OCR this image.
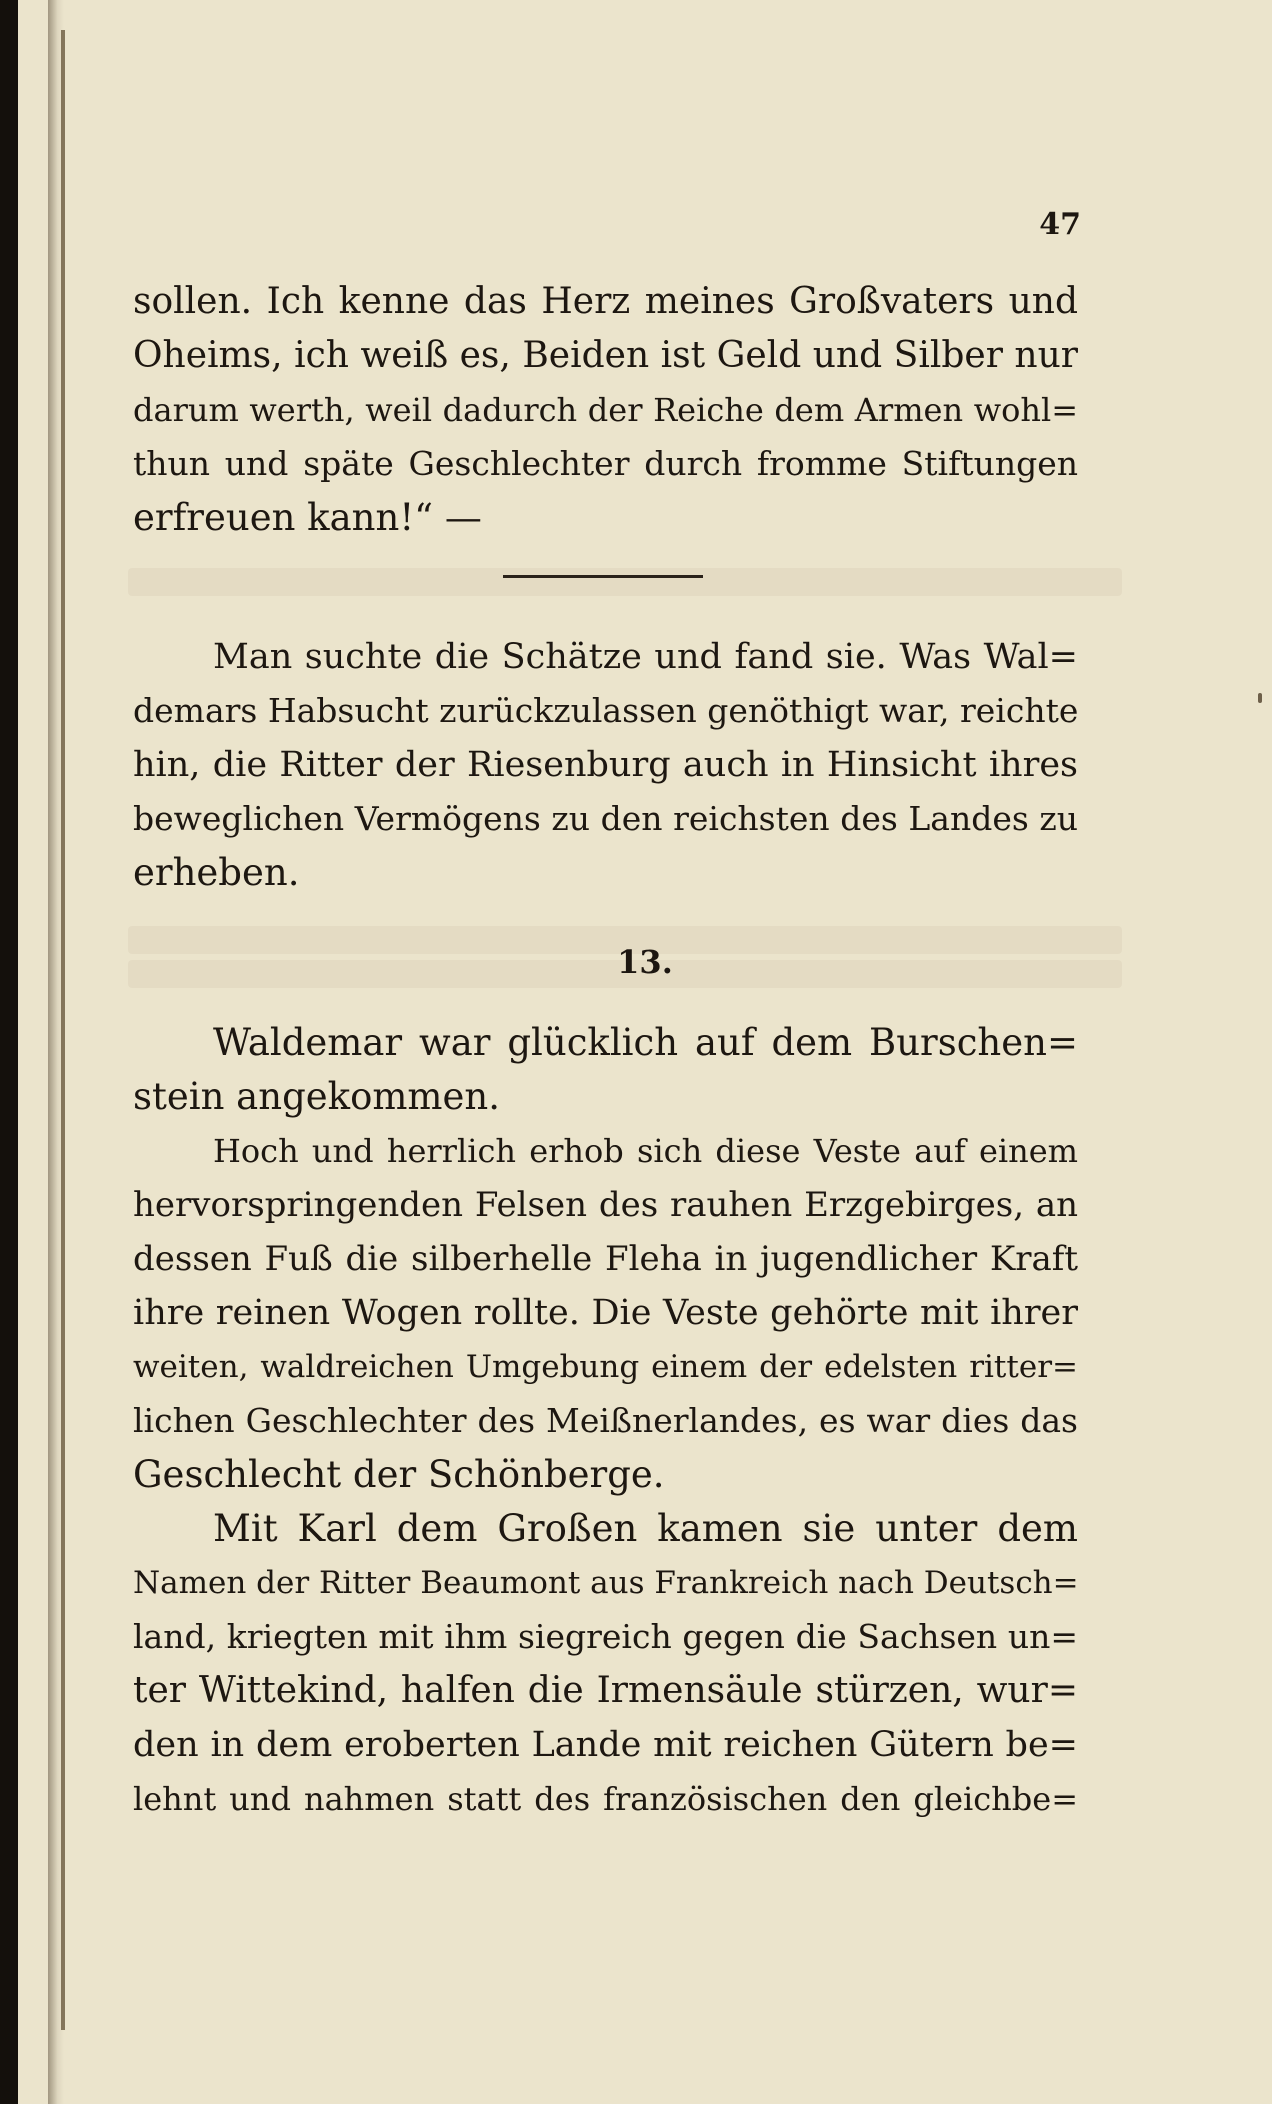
47

sollen. Ich kenne das Herz meines Großvaters und

Oheims, ich weiß es, Beiden ist Geld und Silber nur

darum werth, weil dadurch der Reiche dem Armen wohl=

thun und späte Geschlechter durch fromme Stiftungen

erfreuen kann!“ —

Man suchte die Schätze und fand sie. Was Wal=

demars Habsucht zurückzulassen genöthigt war, reichte

hin, die Ritter der Riesenburg auch in Hinsicht ihres

beweglichen Vermögens zu den reichsten des Landes zu

erheben.

13.

Waldemar war glücklich auf dem Burschen=

stein angekommen.

Hoch und herrlich erhob sich diese Veste auf einem

hervorspringenden Felsen des rauhen Erzgebirges, an

dessen Fuß die silberhelle Fleha in jugendlicher Kraft

ihre reinen Wogen rollte. Die Veste gehörte mit ihrer

weiten, waldreichen Umgebung einem der edelsten ritter=

lichen Geschlechter des Meißnerlandes, es war dies das

Geschlecht der Schönberge.

Mit Karl dem Großen kamen sie unter dem

Namen der Ritter Beaumont aus Frankreich nach Deutsch=

land, kriegten mit ihm siegreich gegen die Sachsen un=

ter Wittekind, halfen die Irmensäule stürzen, wur=

den in dem eroberten Lande mit reichen Gütern be=

lehnt und nahmen statt des französischen den gleichbe=
